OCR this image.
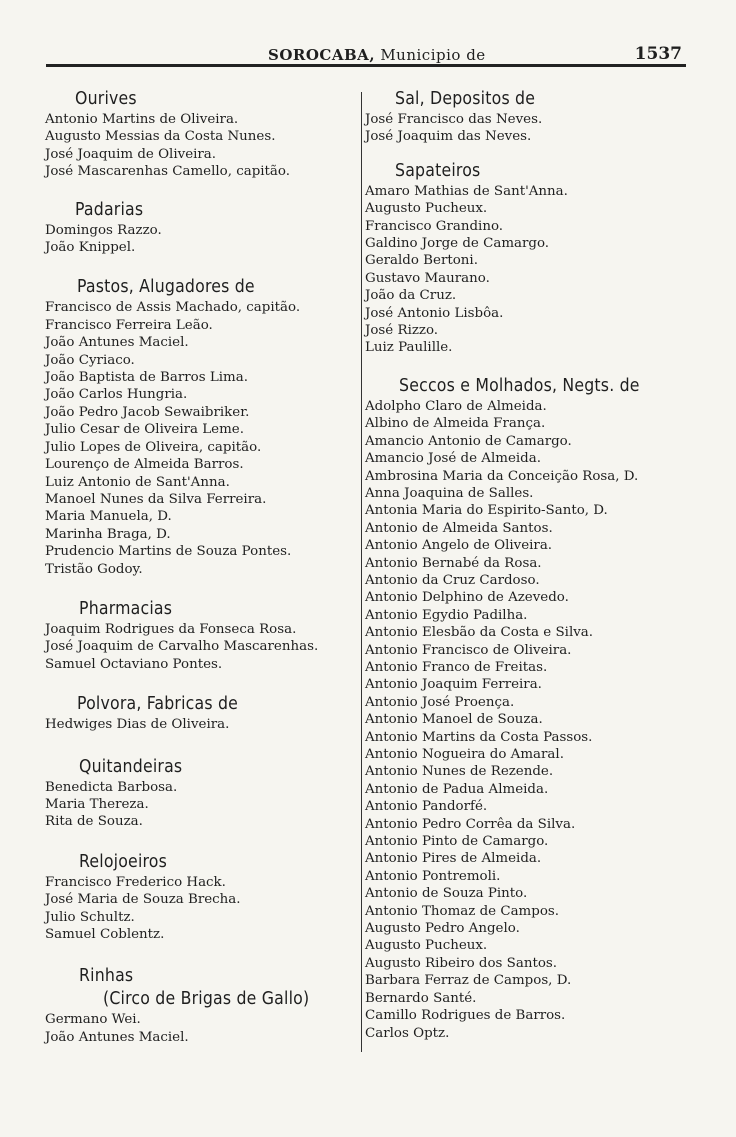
SOROCABA, Municipio de	1537
Ourives
Antonio Martins de Oliveira.
Augusto Messias da Costa Nunes.
José Joaquim de Oliveira.
José Mascarenhas Camello, capitão.
Padarias
Domingos Razzo.
João Knippel.
Pastos, Alugadores de
Francisco de Assis Machado, capitão.
Francisco Ferreira Leão.
João Antunes Maciel.
João Cyriaco.
João Baptista de Barros Lima.
João Carlos Hungria.
João Pedro Jacob Sewaibriker.
Julio Cesar de Oliveira Leme.
Julio Lopes de Oliveira, capitão.
Lourenço de Almeida Barros.
Luiz Antonio de Sant'Anna.
Manoel Nunes da Silva Ferreira.
Maria Manuela, D.
Marinha Braga, D.
Prudencio Martins de Souza Pontes.
Tristão Godoy.
Pharmacias
Joaquim Rodrigues da Fonseca Rosa.
José Joaquim de Carvalho Mascarenhas.
Samuel Octaviano Pontes.
Polvora, Fabricas de
Hedwiges Dias de Oliveira.
Quitandeiras
Benedicta Barbosa.
Maria Thereza.
Rita de Souza.
Relojoeiros
Francisco Frederico Hack.
José Maria de Souza Brecha.
Julio Schultz.
Samuel Coblentz.
Rinhas
(Circo de Brigas de Gallo)
Germano Wei.
João Antunes Maciel.
Sal, Depositos de
José Francisco das Neves.
José Joaquim das Neves.
Sapateiros
Amaro Mathias de Sant'Anna.
Augusto Pucheux.
Francisco Grandino.
Galdino Jorge de Camargo.
Geraldo Bertoni.
Gustavo Maurano.
João da Cruz.
José Antonio Lisbôa.
José Rizzo.
Luiz Paulille.
Seccos e Molhados, Negts. de
Adolpho Claro de Almeida.
Albino de Almeida França.
Amancio Antonio de Camargo.
Amancio José de Almeida.
Ambrosina Maria da Conceição Rosa, D.
Anna Joaquina de Salles.
Antonia Maria do Espirito-Santo, D.
Antonio de Almeida Santos.
Antonio Angelo de Oliveira.
Antonio Bernabé da Rosa.
Antonio da Cruz Cardoso.
Antonio Delphino de Azevedo.
Antonio Egydio Padilha.
Antonio Elesbão da Costa e Silva.
Antonio Francisco de Oliveira.
Antonio Franco de Freitas.
Antonio Joaquim Ferreira.
Antonio José Proença.
Antonio Manoel de Souza.
Antonio Martins da Costa Passos.
Antonio Nogueira do Amaral.
Antonio Nunes de Rezende.
Antonio de Padua Almeida.
Antonio Pandorfé.
Antonio Pedro Corrêa da Silva.
Antonio Pinto de Camargo.
Antonio Pires de Almeida.
Antonio Pontremoli.
Antonio de Souza Pinto.
Antonio Thomaz de Campos.
Augusto Pedro Angelo.
Augusto Pucheux.
Augusto Ribeiro dos Santos.
Barbara Ferraz de Campos, D.
Bernardo Santé.
Camillo Rodrigues de Barros.
Carlos Optz.
